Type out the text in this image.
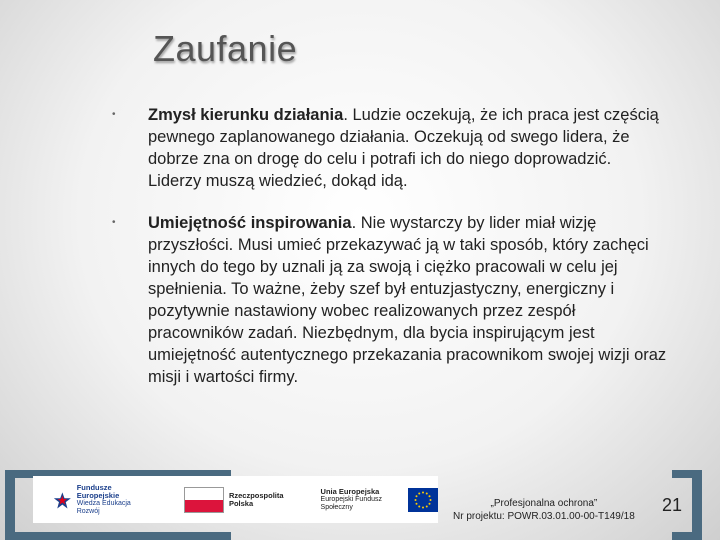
Zaufanie
•	Zmysł kierunku działania. Ludzie oczekują, że ich praca jest częścią pewnego zaplanowanego działania. Oczekują od swego lidera, że dobrze zna on drogę do celu i potrafi ich do niego doprowadzić. Liderzy muszą wiedzieć, dokąd idą.
•	Umiejętność inspirowania. Nie wystarczy by lider miał wizję przyszłości. Musi umieć przekazywać ją w taki sposób, który zachęci innych do tego by uznali ją za swoją i ciężko pracowali w celu jej spełnienia. To ważne, żeby szef był entuzjastyczny, energiczny i pozytywnie nastawiony wobec realizowanych przez zespół pracowników zadań. Niezbędnym, dla bycia inspirującym jest umiejętność autentycznego przekazania pracownikom swojej wizji oraz misji i wartości firmy.
Fundusze
Europejskie
Wiedza Edukacja Rozwój
Rzeczpospolita
Polska
Unia Europejska
Europejski Fundusz Społeczny	„Profesjonalna ochrona”
Nr projektu: POWR.03.01.00-00-T149/18
21
